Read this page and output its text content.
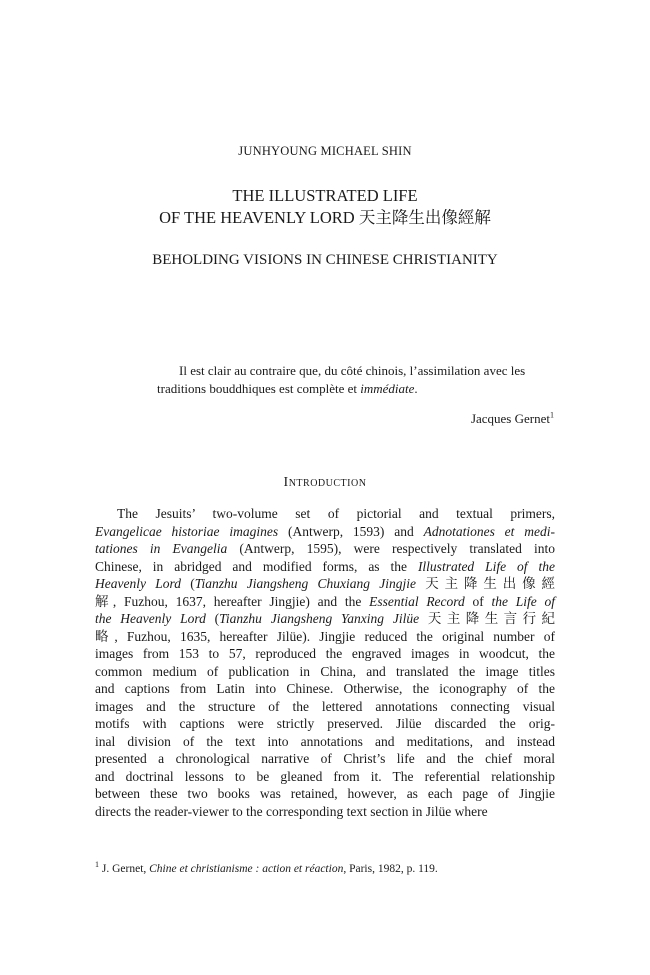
JUNHYOUNG MICHAEL SHIN
THE ILLUSTRATED LIFE
OF THE HEAVENLY LORD 天主降生出像經解
BEHOLDING VISIONS IN CHINESE CHRISTIANITY
Il est clair au contraire que, du côté chinois, l’assimilation avec les
traditions bouddhiques est complète et immédiate.
Jacques Gernet$^1$
Introduction
The Jesuits’ two-volume set of pictorial and textual primers,
Evangelicae historiae imagines (Antwerp, 1593) and Adnotationes et medi-
tationes in Evangelia (Antwerp, 1595), were respectively translated into
Chinese, in abridged and modified forms, as the Illustrated Life of the
Heavenly Lord (Tianzhu Jiangsheng Chuxiang Jingjie 天主降生出像經
解, Fuzhou, 1637, hereafter Jingjie) and the Essential Record of the Life of
the Heavenly Lord (Tianzhu Jiangsheng Yanxing Jilüe 天主降生言行紀
略, Fuzhou, 1635, hereafter Jilüe). Jingjie reduced the original number of
images from 153 to 57, reproduced the engraved images in woodcut, the
common medium of publication in China, and translated the image titles
and captions from Latin into Chinese. Otherwise, the iconography of the
images and the structure of the lettered annotations connecting visual
motifs with captions were strictly preserved. Jilüe discarded the orig-
inal division of the text into annotations and meditations, and instead
presented a chronological narrative of Christ’s life and the chief moral
and doctrinal lessons to be gleaned from it. The referential relationship
between these two books was retained, however, as each page of Jingjie
directs the reader-viewer to the corresponding text section in Jilüe where
$^1$ J. Gernet, Chine et christianisme : action et réaction, Paris, 1982, p. 119.
